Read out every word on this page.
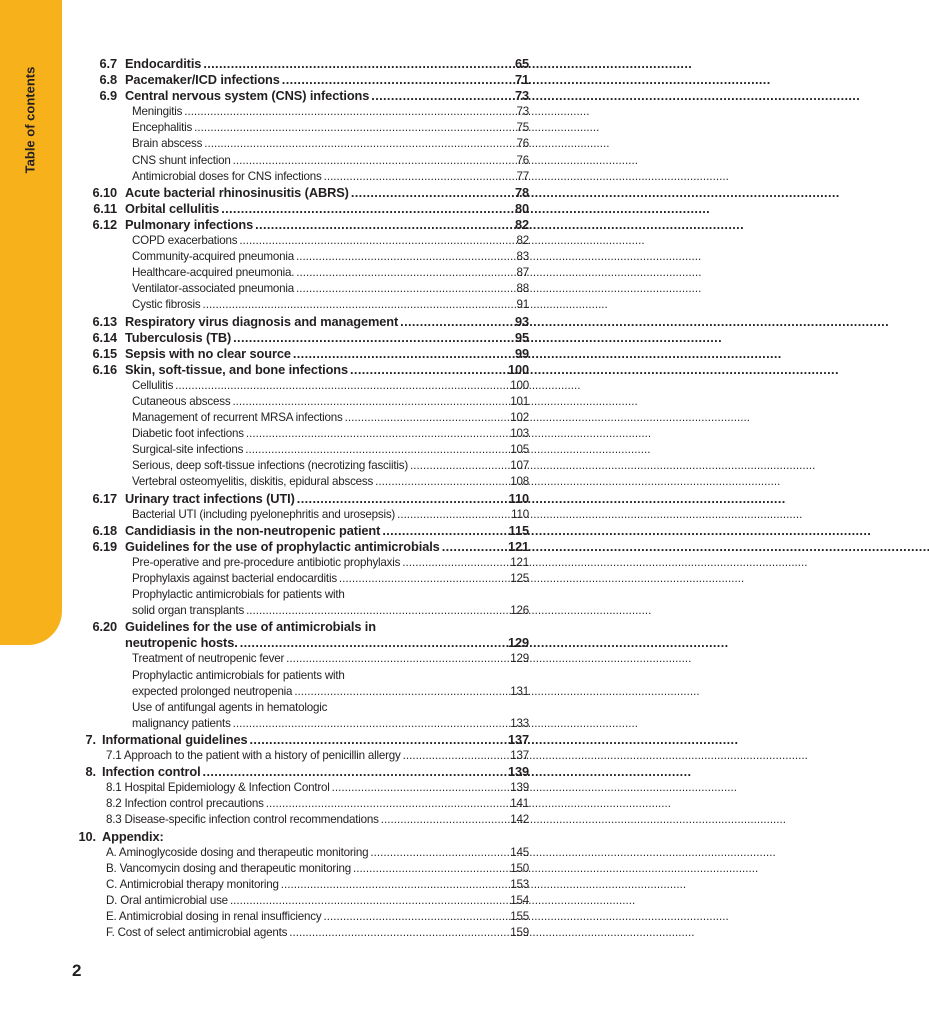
Table of contents
6.7 Endocarditis . . .	65
6.8 Pacemaker/ICD infections . . .	71
6.9 Central nervous system (CNS) infections . . .	73
Meningitis . . .	73
Encephalitis . . .	75
Brain abscess . . .	76
CNS shunt infection . . .	76
Antimicrobial doses for CNS infections . . .	77
6.10 Acute bacterial rhinosinusitis (ABRS) . . .	78
6.11 Orbital cellulitis . . .	80
6.12 Pulmonary infections . . .	82
COPD exacerbations . . .	82
Community-acquired pneumonia . . .	83
Healthcare-acquired pneumonia. . . .	87
Ventilator-associated pneumonia . . .	88
Cystic fibrosis . . .	91
6.13 Respiratory virus diagnosis and management . . .	93
6.14 Tuberculosis (TB) . . .	95
6.15 Sepsis with no clear source . . .	99
6.16 Skin, soft-tissue, and bone infections . . .	100
Cellulitis . . .	100
Cutaneous abscess . . .	101
Management of recurrent MRSA infections . . .	102
Diabetic foot infections . . .	103
Surgical-site infections . . .	105
Serious, deep soft-tissue infections (necrotizing fasciitis) . . .	107
Vertebral osteomyelitis, diskitis, epidural abscess . . .	108
6.17 Urinary tract infections (UTI) . . .	110
Bacterial UTI (including pyelonephritis and urosepsis) . . .	110
6.18 Candidiasis in the non-neutropenic patient . . .	115
6.19 Guidelines for the use of prophylactic antimicrobials . . .	121
Pre-operative and pre-procedure antibiotic prophylaxis . . .	121
Prophylaxis against bacterial endocarditis . . .	125
Prophylactic antimicrobials for patients with
solid organ transplants . . .	126
6.20 Guidelines for the use of antimicrobials in
neutropenic hosts. . . .	129
Treatment of neutropenic fever . . .	129
Prophylactic antimicrobials for patients with
expected prolonged neutropenia . . .	131
Use of antifungal agents in hematologic
malignancy patients . . .	133
7. Informational guidelines . . .	137
7.1 Approach to the patient with a history of penicillin allergy . . .	137
8. Infection control . . .	139
8.1 Hospital Epidemiology & Infection Control . . .	139
8.2 Infection control precautions . . .	141
8.3 Disease-specific infection control recommendations . . .	142
10. Appendix:
A. Aminoglycoside dosing and therapeutic monitoring . . .	145
B. Vancomycin dosing and therapeutic monitoring . . .	150
C. Antimicrobial therapy monitoring . . .	153
D. Oral antimicrobial use . . .	154
E. Antimicrobial dosing in renal insufficiency . . .	155
F. Cost of select antimicrobial agents . . .	159
2
